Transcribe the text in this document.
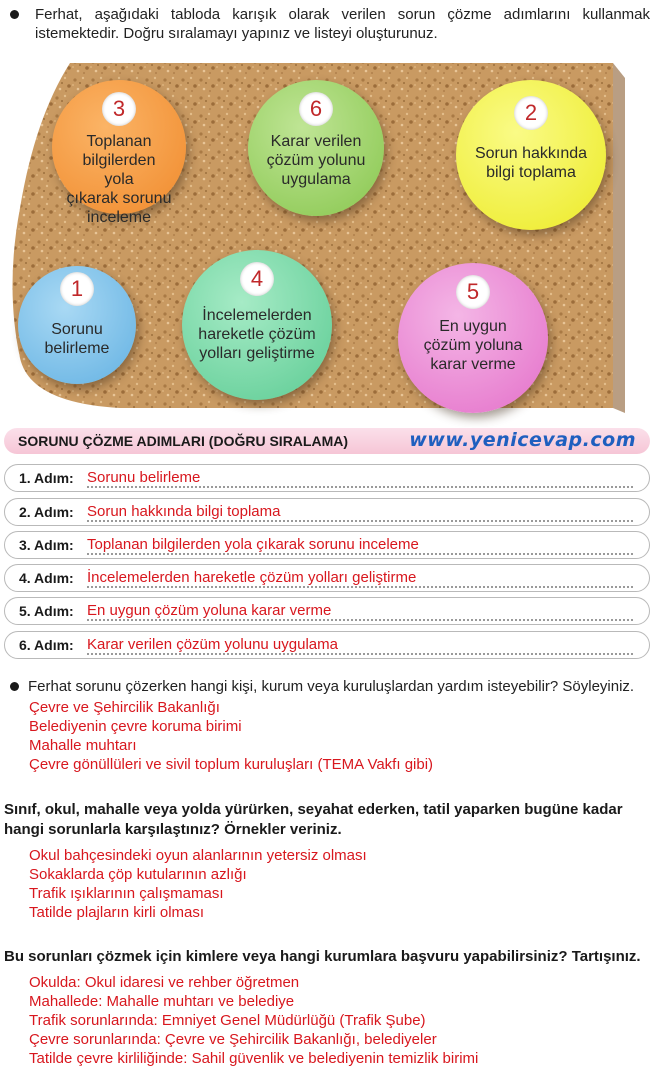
Ferhat, aşağıdaki tabloda karışık olarak verilen sorun çözme adımlarını kullanmak istemektedir. Doğru sıralamayı yapınız ve listeyi oluşturunuz.
3
Toplanan
bilgilerden yola
çıkarak sorunu
inceleme
6
Karar verilen
çözüm yolunu
uygulama
2
Sorun hakkında
bilgi toplama
1
Sorunu
belirleme
4
İncelemelerden
hareketle çözüm
yolları geliştirme
5
En uygun
çözüm yoluna
karar verme
SORUNU ÇÖZME ADIMLARI (DOĞRU SIRALAMA)	www.yenicevap.com
1. Adım: Sorunu belirleme
2. Adım: Sorun hakkında bilgi toplama
3. Adım: Toplanan bilgilerden yola çıkarak sorunu inceleme
4. Adım: İncelemelerden hareketle çözüm yolları geliştirme
5. Adım: En uygun çözüm yoluna karar verme
6. Adım: Karar verilen çözüm yolunu uygulama
Ferhat sorunu çözerken hangi kişi, kurum veya kuruluşlardan yardım isteyebilir? Söyleyiniz.
Çevre ve Şehircilik Bakanlığı
Belediyenin çevre koruma birimi
Mahalle muhtarı
Çevre gönüllüleri ve sivil toplum kuruluşları (TEMA Vakfı gibi)
Sınıf, okul, mahalle veya yolda yürürken, seyahat ederken, tatil yaparken bugüne kadar hangi sorunlarla karşılaştınız? Örnekler veriniz.
Okul bahçesindeki oyun alanlarının yetersiz olması
Sokaklarda çöp kutularının azlığı
Trafik ışıklarının çalışmaması
Tatilde plajların kirli olması
Bu sorunları çözmek için kimlere veya hangi kurumlara başvuru yapabilirsiniz? Tartışınız.
Okulda: Okul idaresi ve rehber öğretmen
Mahallede: Mahalle muhtarı ve belediye
Trafik sorunlarında: Emniyet Genel Müdürlüğü (Trafik Şube)
Çevre sorunlarında: Çevre ve Şehircilik Bakanlığı, belediyeler
Tatilde çevre kirliliğinde: Sahil güvenlik ve belediyenin temizlik birimi
